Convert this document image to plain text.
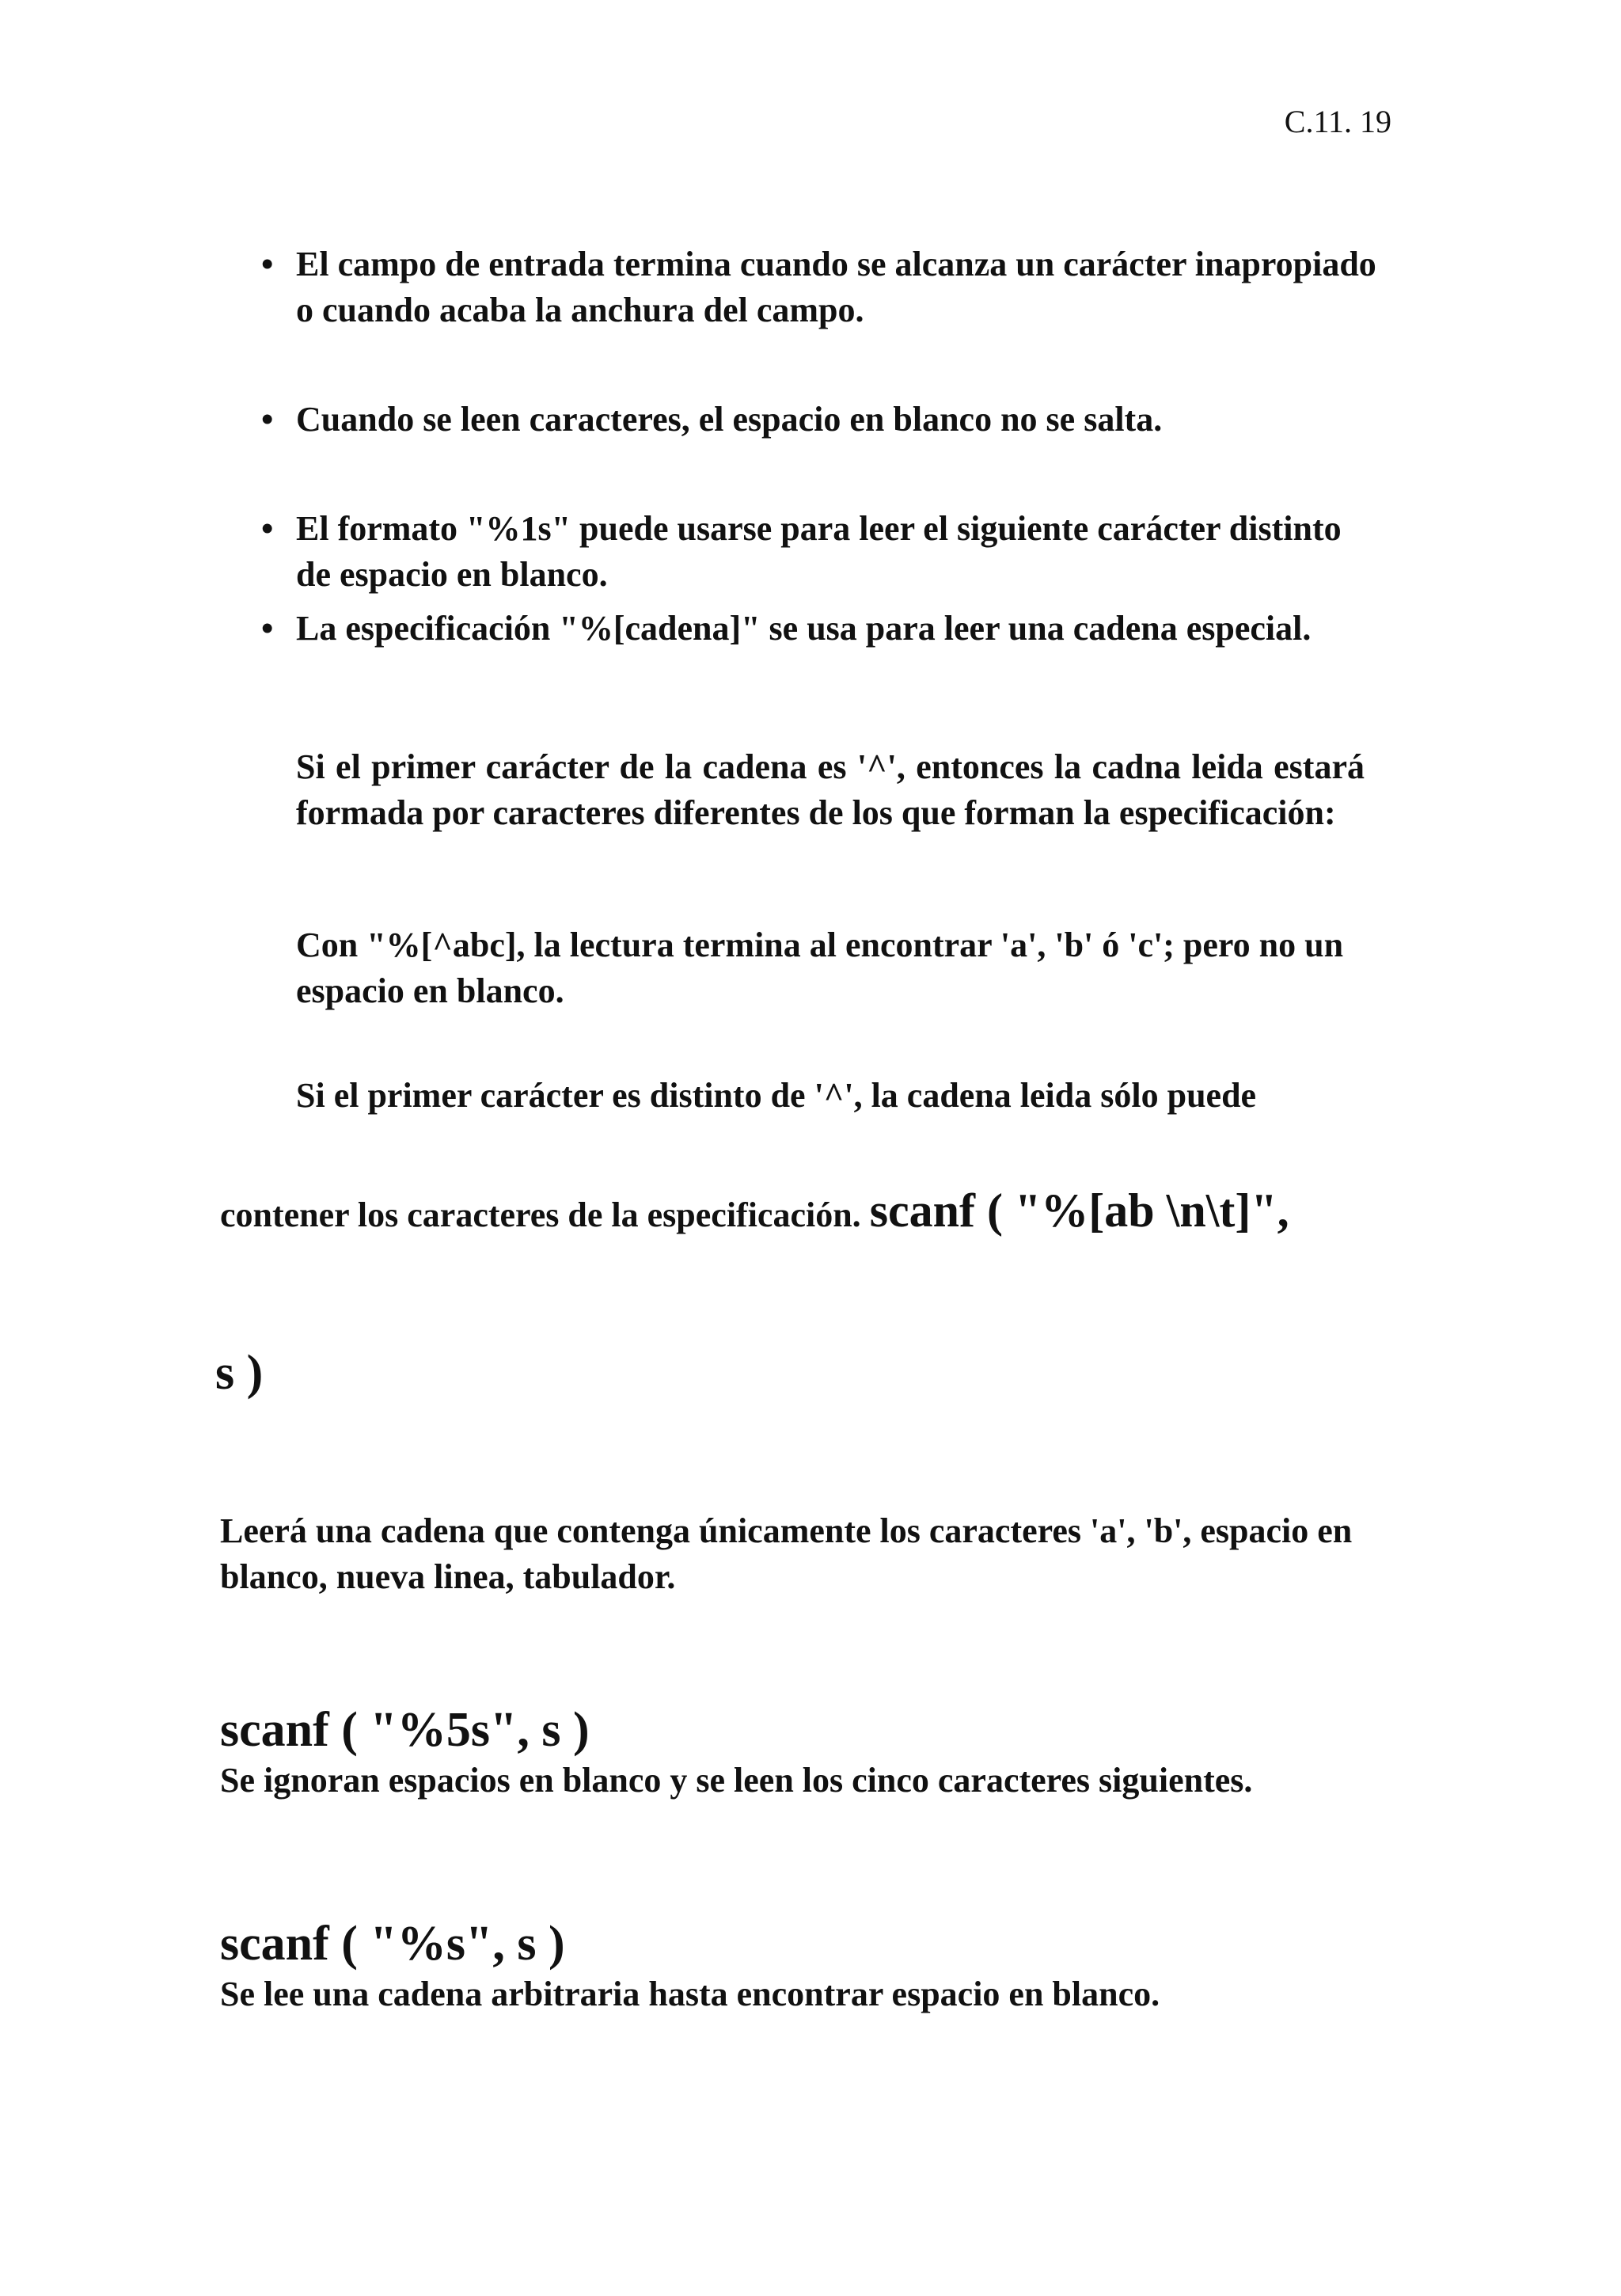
C.11. 19
• El campo de entrada termina cuando se alcanza un carácter inapropiado o cuando acaba la anchura del campo.
• Cuando se leen caracteres, el espacio en blanco no se salta.
• El formato "%1s" puede usarse para leer el siguiente carácter distinto de espacio en blanco.
• La especificación "%[cadena]" se usa para leer una cadena especial.

Si el primer carácter de la cadena es '^', entonces la cadna leida estará formada por caracteres diferentes de los que forman la especificación:

Con "%[^abc], la lectura termina al encontrar 'a', 'b' ó 'c'; pero no un espacio en blanco.

Si el primer carácter es distinto de '^', la cadena leida sólo puede

contener los caracteres de la especificación. scanf ( "%[ab \n\t]",

s )

Leerá una cadena que contenga únicamente los caracteres 'a', 'b', espacio en blanco, nueva linea, tabulador.

scanf ( "%5s", s )

Se ignoran espacios en blanco y se leen los cinco caracteres siguientes.

scanf ( "%s", s )

Se lee una cadena arbitraria hasta encontrar espacio en blanco.
